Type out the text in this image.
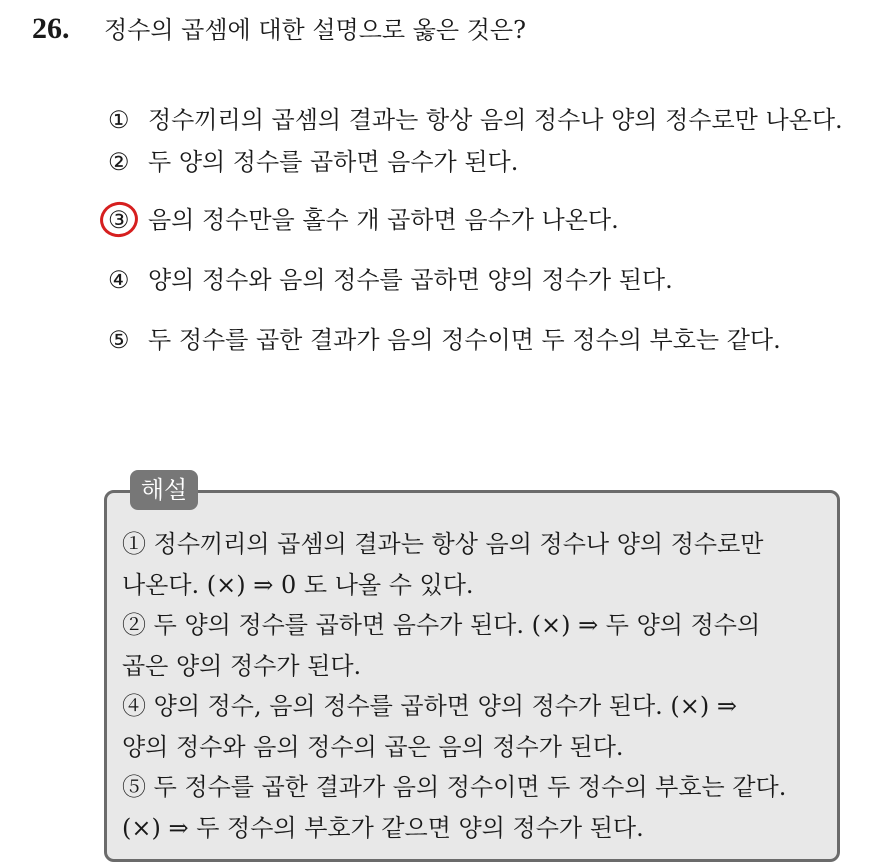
26. 정수의 곱셈에 대한 설명으로 옳은 것은?
① 정수끼리의 곱셈의 결과는 항상 음의 정수나 양의 정수로만 나온다.
② 두 양의 정수를 곱하면 음수가 된다.
③ 음의 정수만을 홀수 개 곱하면 음수가 나온다.
④ 양의 정수와 음의 정수를 곱하면 양의 정수가 된다.
⑤ 두 정수를 곱한 결과가 음의 정수이면 두 정수의 부호는 같다.
해설
① 정수끼리의 곱셈의 결과는 항상 음의 정수나 양의 정수로만
나온다. (×) ⇒ 0 도 나올 수 있다.
② 두 양의 정수를 곱하면 음수가 된다. (×) ⇒ 두 양의 정수의
곱은 양의 정수가 된다.
④ 양의 정수, 음의 정수를 곱하면 양의 정수가 된다. (×) ⇒
양의 정수와 음의 정수의 곱은 음의 정수가 된다.
⑤ 두 정수를 곱한 결과가 음의 정수이면 두 정수의 부호는 같다.
(×) ⇒ 두 정수의 부호가 같으면 양의 정수가 된다.
